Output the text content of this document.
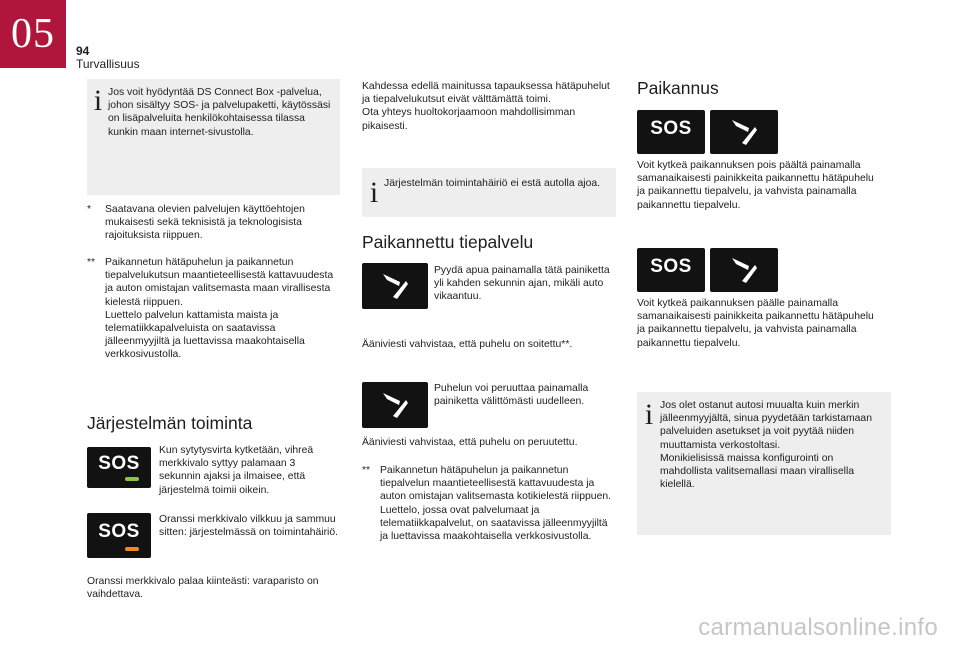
05	94
Turvallisuus
i Jos voit hyödyntää DS Connect Box -palvelua, johon sisältyy SOS- ja palvelupaketti, käytössäsi on lisäpalveluita henkilökohtaisessa tilassa kunkin maan internet-sivustolla.
* Saatavana olevien palvelujen käyttöehtojen mukaisesti sekä teknisistä ja teknologisista rajoituksista riippuen.
** Paikannetun hätäpuhelun ja paikannetun tiepalvelukutsun maantieteellisestä kattavuudesta ja auton omistajan valitsemasta maan virallisesta kielestä riippuen.
Luettelo palvelun kattamista maista ja telematiikkapalveluista on saatavissa jälleenmyyjiltä ja luettavissa maakohtaisella verkkosivustolla.
Järjestelmän toiminta
SOS
Kun sytytysvirta kytketään, vihreä merkkivalo syttyy palamaan 3 sekunnin ajaksi ja ilmaisee, että järjestelmä toimii oikein.
SOS
Oranssi merkkivalo vilkkuu ja sammuu sitten: järjestelmässä on toimintahäiriö.
Oranssi merkkivalo palaa kiinteästi: varaparisto on vaihdettava.
Kahdessa edellä mainitussa tapauksessa hätäpuhelut ja tiepalvelukutsut eivät välttämättä toimi.
Ota yhteys huoltokorjaamoon mahdollisimman pikaisesti.
i Järjestelmän toimintahäiriö ei estä autolla ajoa.
Paikannettu tiepalvelu
Pyydä apua painamalla tätä painiketta yli kahden sekunnin ajan, mikäli auto vikaantuu.
Ääniviesti vahvistaa, että puhelu on soitettu**.
Puhelun voi peruuttaa painamalla painiketta välittömästi uudelleen.
Ääniviesti vahvistaa, että puhelu on peruutettu.
** Paikannetun hätäpuhelun ja paikannetun tiepalvelun maantieteellisestä kattavuudesta ja auton omistajan valitsemasta kotikielestä riippuen.
Luettelo, jossa ovat palvelumaat ja telematiikkapalvelut, on saatavissa jälleenmyyjiltä ja luettavissa maakohtaisella verkkosivustolla.
Paikannus
SOS
Voit kytkeä paikannuksen pois päältä painamalla samanaikaisesti painikkeita paikannettu hätäpuhelu ja paikannettu tiepalvelu, ja vahvista painamalla paikannettu tiepalvelu.
SOS
Voit kytkeä paikannuksen päälle painamalla samanaikaisesti painikkeita paikannettu hätäpuhelu ja paikannettu tiepalvelu, ja vahvista painamalla paikannettu tiepalvelu.
i Jos olet ostanut autosi muualta kuin merkin jälleenmyyjältä, sinua pyydetään tarkistamaan palveluiden asetukset ja voit pyytää niiden muuttamista verkostoltasi.
Monikielisissä maissa konfigurointi on mahdollista valitsemallasi maan virallisella kielellä.
carmanualsonline.info
